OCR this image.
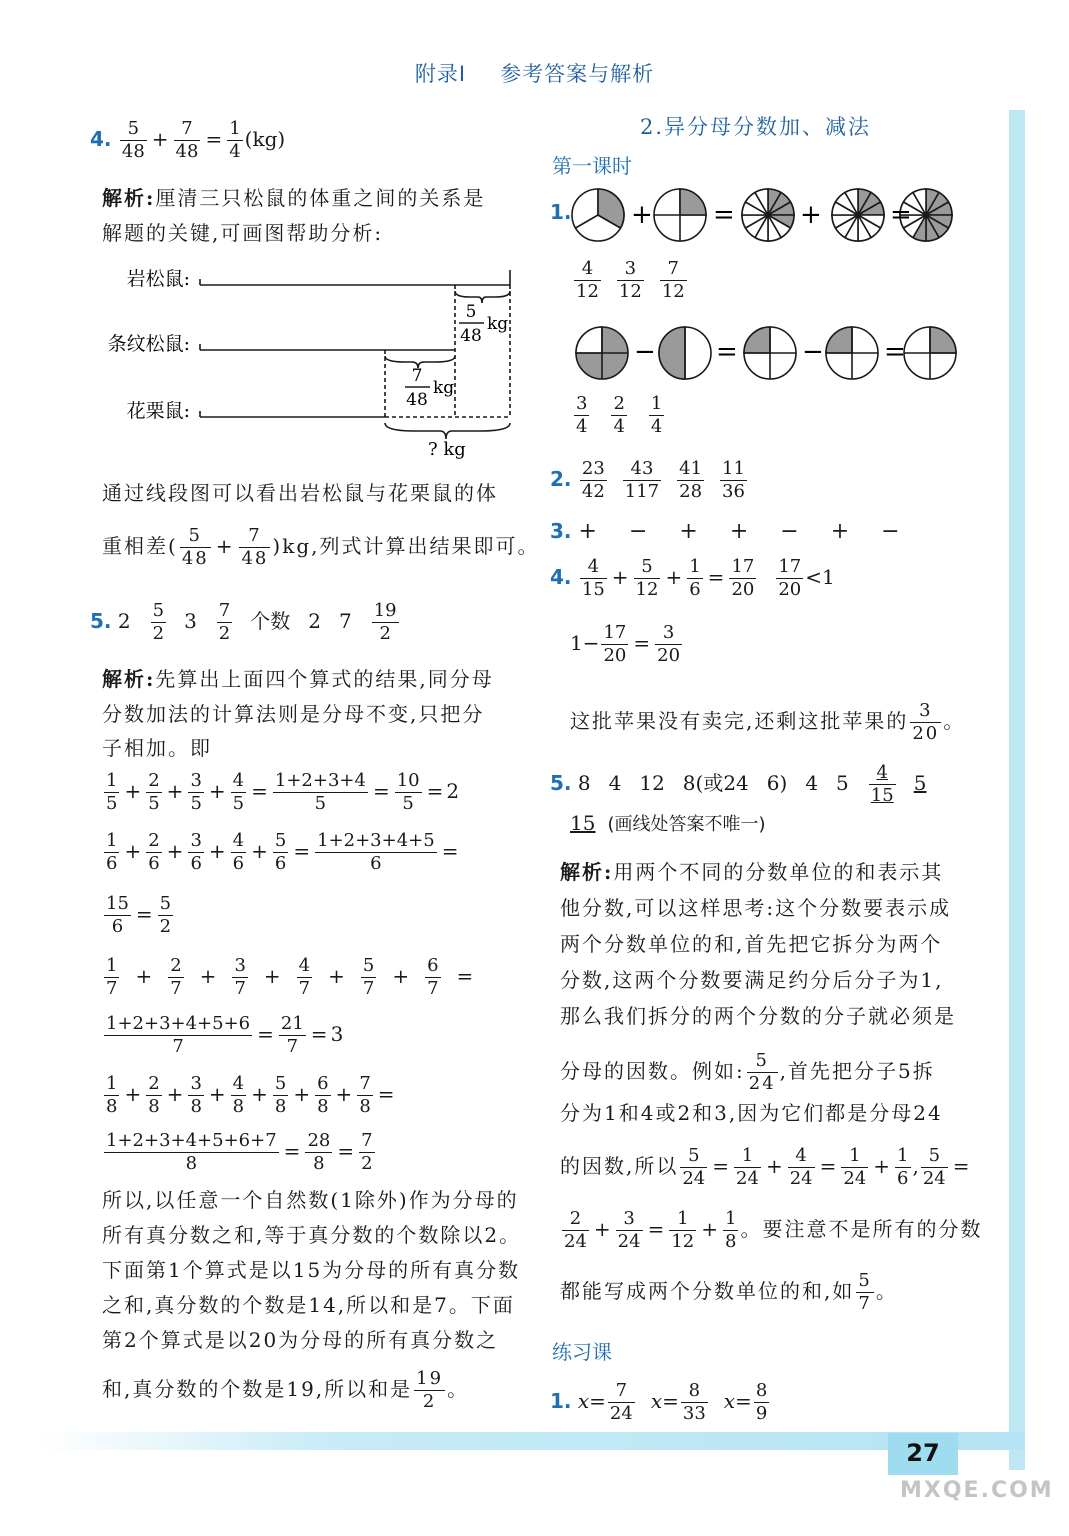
附录Ⅰ 参考答案与解析
27
MXQE.COM
4. $\frac{5}{48} + \frac{7}{48} = \frac{1}{4} (kg)$
解析:厘清三只松鼠的体重之间的关系是
解题的关键,可画图帮助分析:
岩松鼠:
条纹松鼠:
花栗鼠:
5
48
kg
7
48
kg
? kg
通过线段图可以看出岩松鼠与花栗鼠的体
重相差( $\frac{5}{48} + \frac{7}{48} )kg$,列式计算出结果即可。
5. $2 \frac{5}{2} 3 \frac{7}{2}$ 个数 2 $7 \frac{19}{2}$
解析:先算出上面四个算式的结果,同分母
分数加法的计算法则是分母不变,只把分
子相加。即
$\frac{1}{5} + \frac{2}{5} + \frac{3}{5} + \frac{4}{5} = \frac{1+2+3+4}{5} = \frac{10}{5} = 2$
$\frac{1}{6} + \frac{2}{6} + \frac{3}{6} + \frac{4}{6} + \frac{5}{6} = \frac{1+2+3+4+5}{6}$ =
$\frac{15}{6} = \frac{5}{2}$
$\frac{1}{7} + \frac{2}{7} + \frac{3}{7} + \frac{4}{7} + \frac{5}{7} + \frac{6}{7}$ =
$\frac{1+2+3+4+5+6}{7} = \frac{21}{7} = 3$
$\frac{1}{8} + \frac{2}{8} + \frac{3}{8} + \frac{4}{8} + \frac{5}{8} + \frac{6}{8} + \frac{7}{8}$ =
$\frac{1+2+3+4+5+6+7}{8} = \frac{28}{8} = \frac{7}{2}$
所以,以任意一个自然数(1除外)作为分母的
所有真分数之和,等于真分数的个数除以2。
下面第1个算式是以15为分母的所有真分数
之和,真分数的个数是14,所以和是7。下面
第2个算式是以20为分母的所有真分数之
和,真分数的个数是19,所以和是 $\frac{19}{2}$ 。
2.异分母分数加、减法
第一课时
1. + =	+	=
$\frac{4}{12} \frac{3}{12} \frac{7}{12}$
− = − =
$\frac{3}{4} \frac{2}{4} \frac{1}{4}$
2. $\frac{23}{42} \frac{43}{117} \frac{41}{28} \frac{11}{36}$
3. + − + + − + −
4. $\frac{4}{15} + \frac{5}{12} + \frac{1}{6} = \frac{17}{20} \frac{17}{20} <1$
$1- \frac{17}{20} = \frac{3}{20}$
这批苹果没有卖完,还剩这批苹果的 $\frac{3}{20}$ 。
5. 8 4 12 8(或24 6) 4 $5 \frac{4}{15} 5$
15 (画线处答案不唯一)
解析:用两个不同的分数单位的和表示其
他分数,可以这样思考:这个分数要表示成
两个分数单位的和,首先把它拆分为两个
分数,这两个分数要满足约分后分子为1,
那么我们拆分的两个分数的分子就必须是
分母的因数。例如: $\frac{5}{24}$ ,首先把分子5拆
分为1和4或2和3,因为它们都是分母24
的因数,所以 $\frac{5}{24} = \frac{1}{24} + \frac{4}{24} = \frac{1}{24} + \frac{1}{6}$ , $\frac{5}{24}$ =
$\frac{2}{24} + \frac{3}{24} = \frac{1}{12} + \frac{1}{8}$ 。要注意不是所有的分数
都能写成两个分数单位的和,如 $\frac{5}{7}$ 。
练习课
1. $x= \frac{7}{24} x= \frac{8}{33} x= \frac{8}{9}$
